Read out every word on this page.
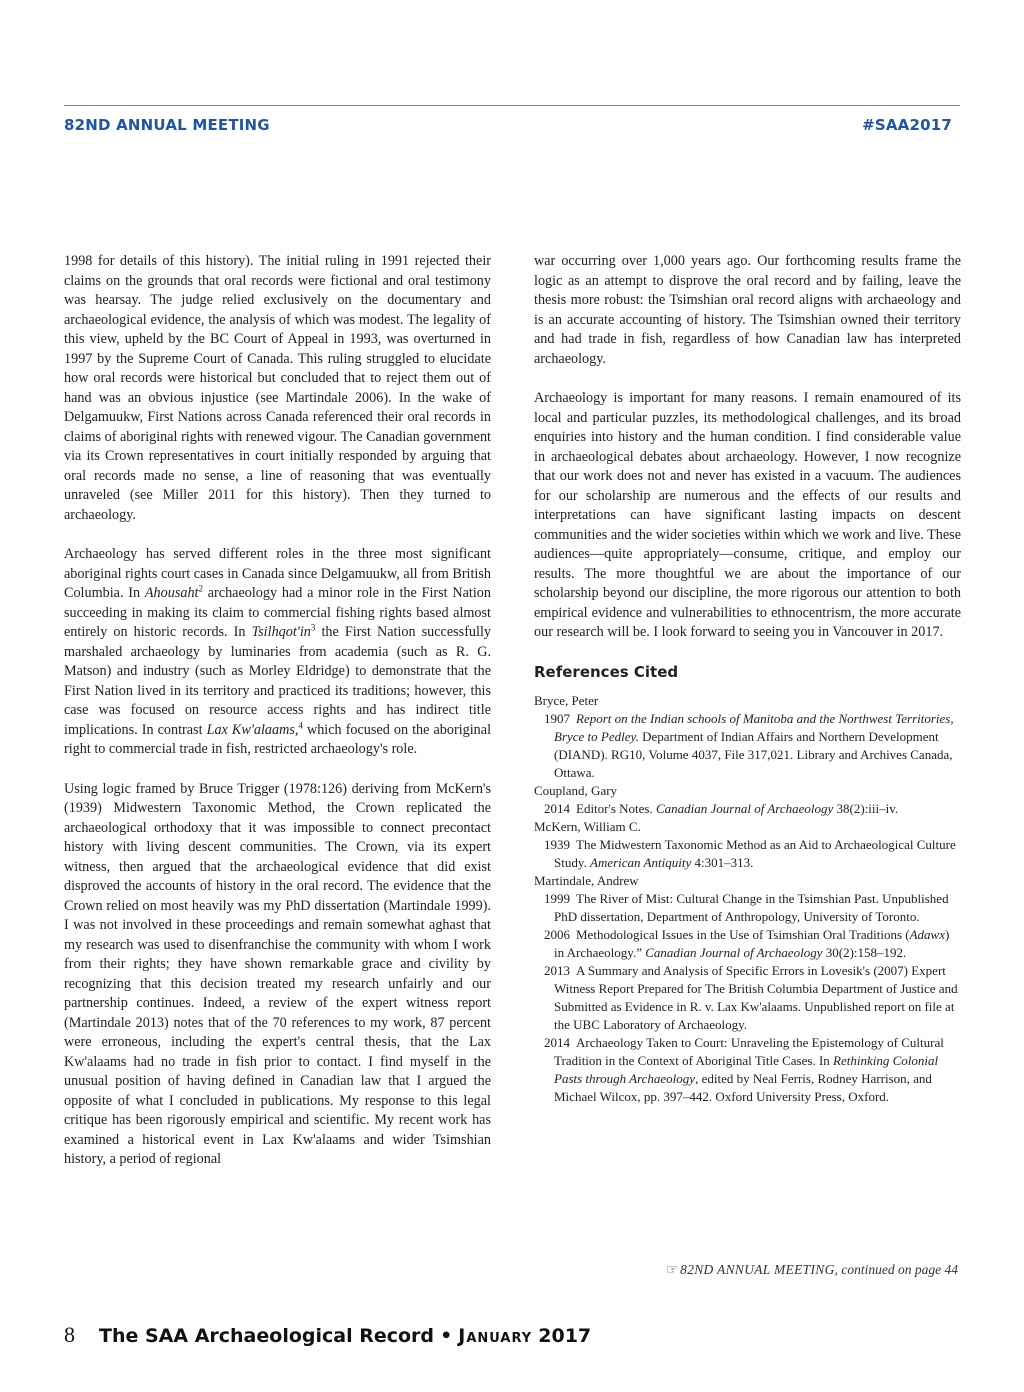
82ND ANNUAL MEETING	#SAA2017

1998 for details of this history). The initial ruling in 1991 rejected their claims on the grounds that oral records were fictional and oral testimony was hearsay. The judge relied exclusively on the documentary and archaeological evidence, the analysis of which was modest. The legality of this view, upheld by the BC Court of Appeal in 1993, was overturned in 1997 by the Supreme Court of Canada. This ruling struggled to elucidate how oral records were historical but concluded that to reject them out of hand was an obvious injustice (see Martindale 2006). In the wake of Delgamuukw, First Nations across Canada referenced their oral records in claims of aboriginal rights with renewed vigour. The Canadian government via its Crown representatives in court initially responded by arguing that oral records made no sense, a line of reasoning that was eventually unraveled (see Miller 2011 for this history). Then they turned to archaeology.

Archaeology has served different roles in the three most significant aboriginal rights court cases in Canada since Delgamuukw, all from British Columbia. In Ahousaht$^2$ archaeology had a minor role in the First Nation succeeding in making its claim to commercial fishing rights based almost entirely on historic records. In $Tsilhqot'in^3$ the First Nation successfully marshaled archaeology by luminaries from academia (such as R. G. Matson) and industry (such as Morley Eldridge) to demonstrate that the First Nation lived in its territory and practiced its traditions; however, this case was focused on resource access rights and has indirect title implications. In contrast Lax Kw'alaams,$^4$ which focused on the aboriginal right to commercial trade in fish, restricted archaeology's role.

Using logic framed by Bruce Trigger (1978:126) deriving from McKern's (1939) Midwestern Taxonomic Method, the Crown replicated the archaeological orthodoxy that it was impossible to connect precontact history with living descent communities. The Crown, via its expert witness, then argued that the archaeological evidence that did exist disproved the accounts of history in the oral record. The evidence that the Crown relied on most heavily was my PhD dissertation (Martindale 1999). I was not involved in these proceedings and remain somewhat aghast that my research was used to disenfranchise the community with whom I work from their rights; they have shown remarkable grace and civility by recognizing that this decision treated my research unfairly and our partnership continues. Indeed, a review of the expert witness report (Martindale 2013) notes that of the 70 references to my work, 87 percent were erroneous, including the expert's central thesis, that the Lax Kw'alaams had no trade in fish prior to contact. I find myself in the unusual position of having defined in Canadian law that I argued the opposite of what I concluded in publications. My response to this legal critique has been rigorously empirical and scientific. My recent work has examined a historical event in Lax Kw'alaams and wider Tsimshian history, a period of regional

war occurring over 1,000 years ago. Our forthcoming results frame the logic as an attempt to disprove the oral record and by failing, leave the thesis more robust: the Tsimshian oral record aligns with archaeology and is an accurate accounting of history. The Tsimshian owned their territory and had trade in fish, regardless of how Canadian law has interpreted archaeology.

Archaeology is important for many reasons. I remain enamoured of its local and particular puzzles, its methodological challenges, and its broad enquiries into history and the human condition. I find considerable value in archaeological debates about archaeology. However, I now recognize that our work does not and never has existed in a vacuum. The audiences for our scholarship are numerous and the effects of our results and interpretations can have significant lasting impacts on descent communities and the wider societies within which we work and live. These audiences—quite appropriately—consume, critique, and employ our results. The more thoughtful we are about the importance of our scholarship beyond our discipline, the more rigorous our attention to both empirical evidence and vulnerabilities to ethnocentrism, the more accurate our research will be. I look forward to seeing you in Vancouver in 2017.

References Cited
Bryce, Peter
1907 Report on the Indian schools of Manitoba and the Northwest Territories, Bryce to Pedley. Department of Indian Affairs and Northern Development (DIAND). RG10, Volume 4037, File 317,021. Library and Archives Canada, Ottawa.
Coupland, Gary
2014 Editor's Notes. Canadian Journal of Archaeology 38(2):iii–iv.
McKern, William C.
1939 The Midwestern Taxonomic Method as an Aid to Archaeological Culture Study. American Antiquity 4:301–313.
Martindale, Andrew
1999 The River of Mist: Cultural Change in the Tsimshian Past. Unpublished PhD dissertation, Department of Anthropology, University of Toronto.
2006 Methodological Issues in the Use of Tsimshian Oral Traditions (Adawx) in Archaeology.” Canadian Journal of Archaeology 30(2):158–192.
2013 A Summary and Analysis of Specific Errors in Lovesik's (2007) Expert Witness Report Prepared for The British Columbia Department of Justice and Submitted as Evidence in R. v. Lax Kw'alaams. Unpublished report on file at the UBC Laboratory of Archaeology.
2014 Archaeology Taken to Court: Unraveling the Epistemology of Cultural Tradition in the Context of Aboriginal Title Cases. In Rethinking Colonial Pasts through Archaeology, edited by Neal Ferris, Rodney Harrison, and Michael Wilcox, pp. 397–442. Oxford University Press, Oxford.
☞ 82ND ANNUAL MEETING, continued on page 44
8 The SAA Archaeological Record • January 2017
